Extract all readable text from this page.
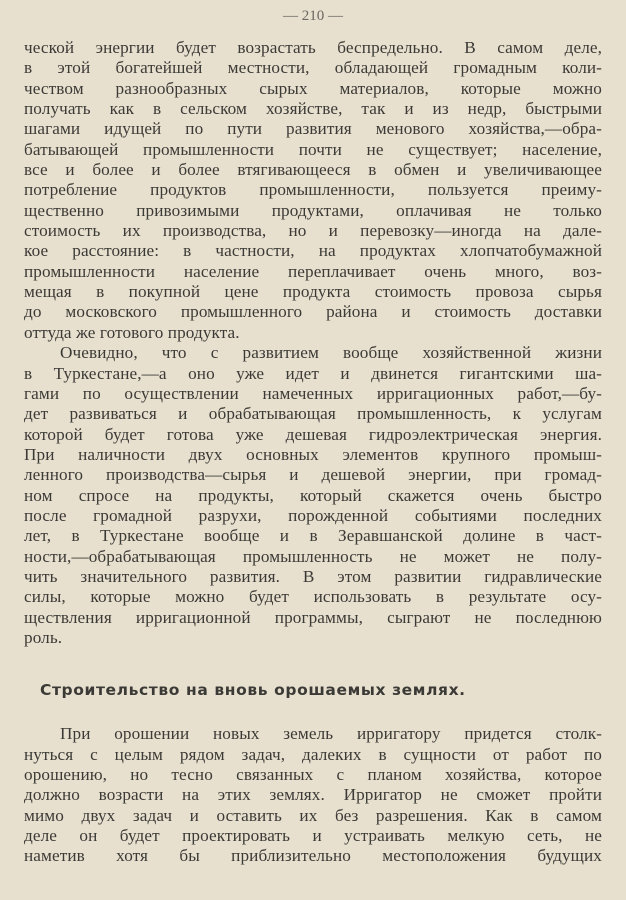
— 210 —
ческой энергии будет возрастать беспредельно. В самом деле,
в этой богатейшей местности, обладающей громадным коли-
чеством разнообразных сырых материалов, которые можно
получать как в сельском хозяйстве, так и из недр, быстрыми
шагами идущей по пути развития менового хозяйства,—обра-
батывающей промышленности почти не существует; население,
все и более и более втягивающееся в обмен и увеличивающее
потребление продуктов промышленности, пользуется преиму-
щественно привозимыми продуктами, оплачивая не только
стоимость их производства, но и перевозку—иногда на дале-
кое расстояние: в частности, на продуктах хлопчатобумажной
промышленности население переплачивает очень много, воз-
мещая в покупной цене продукта стоимость провоза сырья
до московского промышленного района и стоимость доставки
оттуда же готового продукта.
Очевидно, что с развитием вообще хозяйственной жизни
в Туркестане,—а оно уже идет и двинется гигантскими ша-
гами по осуществлении намеченных ирригационных работ,—бу-
дет развиваться и обрабатывающая промышленность, к услугам
которой будет готова уже дешевая гидроэлектрическая энергия.
При наличности двух основных элементов крупного промыш-
ленного производства—сырья и дешевой энергии, при громад-
ном спросе на продукты, который скажется очень быстро
после громадной разрухи, порожденной событиями последних
лет, в Туркестане вообще и в Зеравшанской долине в част-
ности,—обрабатывающая промышленность не может не полу-
чить значительного развития. В этом развитии гидравлические
силы, которые можно будет использовать в результате осу-
ществления ирригационной программы, сыграют не последнюю
роль.
Строительство на вновь орошаемых землях.
При орошении новых земель ирригатору придется столк-
нуться с целым рядом задач, далеких в сущности от работ по
орошению, но тесно связанных с планом хозяйства, которое
должно возрасти на этих землях. Ирригатор не сможет пройти
мимо двух задач и оставить их без разрешения. Как в самом
деле он будет проектировать и устраивать мелкую сеть, не
наметив хотя бы приблизительно местоположения будущих
